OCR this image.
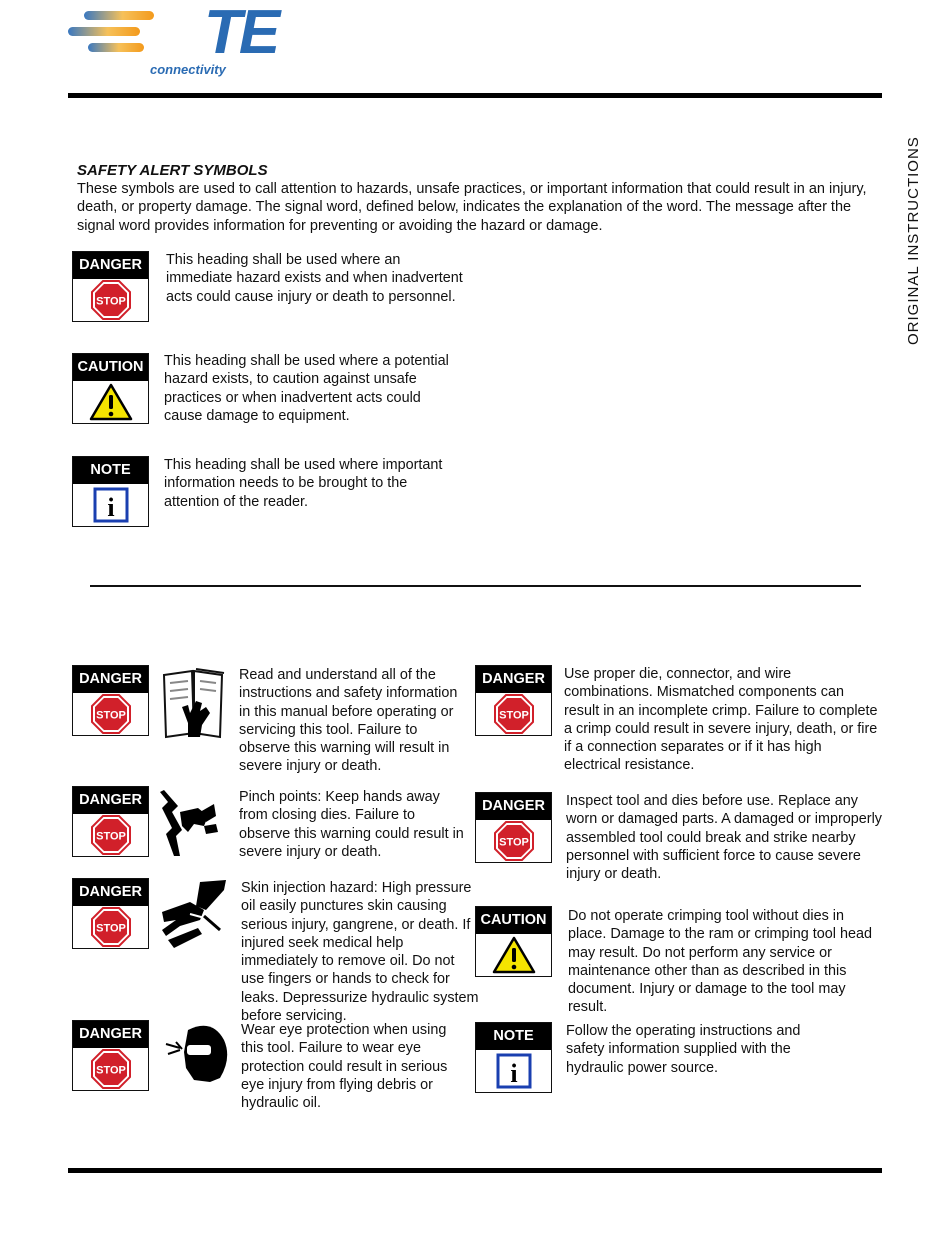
TE
connectivity
ORIGINAL INSTRUCTIONS
SAFETY ALERT SYMBOLS
These symbols are used to call attention to hazards, unsafe practices, or important information that could result in an injury, death, or property damage. The signal word, defined below, indicates the explanation of the word. The message after the signal word provides information for preventing or avoiding the hazard or damage.
DANGER
STOP
This heading shall be used where an immediate hazard exists and when inadvertent acts could cause injury or death to personnel.
CAUTION	This heading shall be used where a potential hazard exists, to caution against unsafe practices or when inadvertent acts could cause damage to equipment.
NOTE
i
This heading shall be used where important information needs to be brought to the attention of the reader.
DANGER
STOP
Read and understand all of the instructions and safety information in this manual before operating or servicing this tool. Failure to observe this warning will result in severe injury or death.
DANGER
STOP
Pinch points: Keep hands away from closing dies. Failure to observe this warning could result in severe injury or death.
DANGER
STOP
Skin injection hazard: High pressure oil easily punctures skin causing serious injury, gangrene, or death. If injured seek medical help immediately to remove oil. Do not use fingers or hands to check for leaks. Depressurize hydraulic system before servicing.
DANGER
STOP
Wear eye protection when using this tool. Failure to wear eye protection could result in serious eye injury from flying debris or hydraulic oil.
DANGER
STOP
Use proper die, connector, and wire combinations. Mismatched components can result in an incomplete crimp. Failure to complete a crimp could result in severe injury, death, or fire if a connection separates or if it has high electrical resistance.
DANGER
STOP
Inspect tool and dies before use. Replace any worn or damaged parts. A damaged or improperly assembled tool could break and strike nearby personnel with sufficient force to cause severe injury or death.
CAUTION	Do not operate crimping tool without dies in place. Damage to the ram or crimping tool head may result. Do not perform any service or maintenance other than as described in this document. Injury or damage to the tool may result.
NOTE
i
Follow the operating instructions and safety information supplied with the hydraulic power source.
